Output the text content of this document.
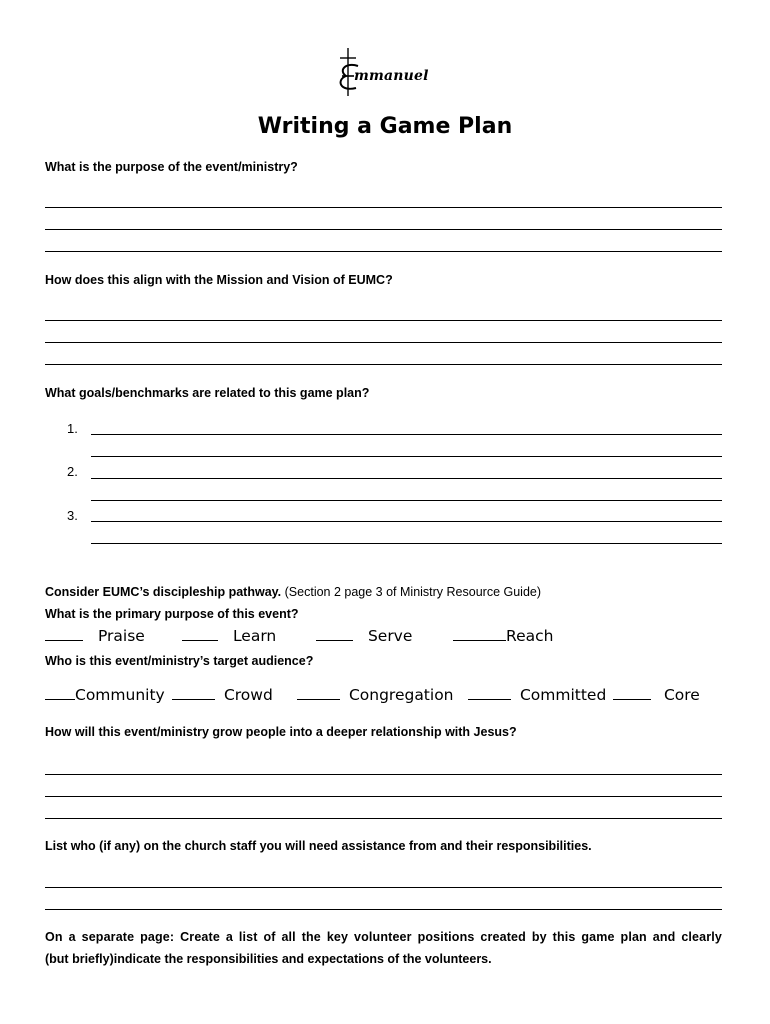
mmanuel
Writing a Game Plan
What is the purpose of the event/ministry?
How does this align with the Mission and Vision of EUMC?
What goals/benchmarks are related to this game plan?
1.
2.
3.
Consider EUMC’s discipleship pathway. (Section 2 page 3 of Ministry Resource Guide)
What is the primary purpose of this event?
Praise	Learn	Serve	Reach
Who is this event/ministry’s target audience?
Community	Crowd	Congregation	Committed	Core
How will this event/ministry grow people into a deeper relationship with Jesus?
List who (if any) on the church staff you will need assistance from and their responsibilities.
On a separate page: Create a list of all the key volunteer positions created by this game plan and clearly
(but briefly)indicate the responsibilities and expectations of the volunteers.
